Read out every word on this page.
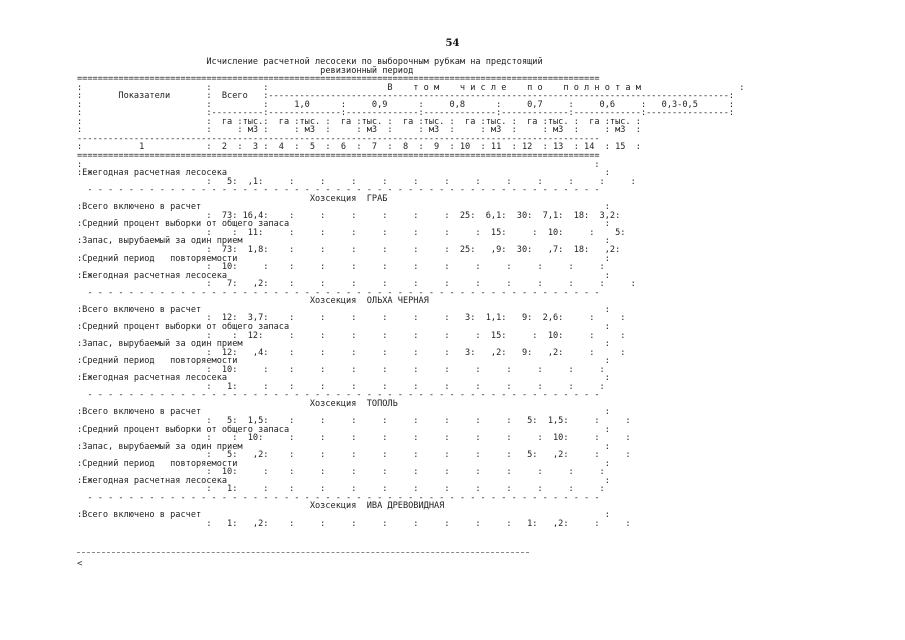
54
Исчисление расчетной лесосеки по выборочным рубкам на предстоящий
ревизионный период
=====================================================================================================
:                        :          :                       В    т о м    ч и с л е    п о    п о л н о т а м                   :
:       Показатели       :  Всего   :-----------------------------------------------------------------------------------------:
:                        :          :     1,0      :     0,9      :     0,8      :     0,7     :     0,6     :   0,3-0,5      :
:                        :----------:--------------:--------------:--------------:-------------:-------------:----------------:
:                        :  га :тыс.:  га :тыс. :  га :тыс. :  га :тыс. :  га :тыс. :  га :тыс. :  га :тыс. :
:                        :     : м3 :     : м3  :     : м3  :     : м3  :     : м3  :     : м3  :     : м3  :
-----------------------------------------------------------------------------------------------------
:           1            :  2  :  3 :  4  :  5  :  6  :  7  :  8  :  9  : 10  : 11  : 12  : 13  : 14  : 15  :
=====================================================================================================
:                                                                                                   :
:Ежегодная расчетная лесосека                                                                         :
:   5:  ,1:     :     :     :     :     :     :     :     :     :     :     :     :
- - - - - - - - - - - - - - - - - - - - - - - - - - - - - - - - - - - - - - - - - - - - - - - - - -
Хозсекция  ГРАБ
:Всего включено в расчет                                                                              :
:  73: 16,4:    :     :     :     :     :     :  25:  6,1:  30:  7,1:  18:  3,2:
:Средний процент выборки от общего запаса                                                             :
:    :  11:     :     :     :     :     :     :     :  15:     :  10:     :    5:
:Запас, вырубаемый за один прием                                                                      :
:  73:  1,8:    :     :     :     :     :     :  25:   ,9:  30:   ,7:  18:   ,2:
:Средний период   повторяемости                                                                       :
:  10:     :    :     :     :     :     :     :     :     :     :     :     :
:Ежегодная расчетная лесосека                                                                         :
:   7:   ,2:    :     :     :     :     :     :     :     :     :     :     :     :
- - - - - - - - - - - - - - - - - - - - - - - - - - - - - - - - - - - - - - - - - - - - - - - - - -
Хозсекция  ОЛЬХА ЧЕРНАЯ
:Всего включено в расчет                                                                              :
:  12:  3,7:    :     :     :     :     :     :   3:  1,1:   9:  2,6:     :     :
:Средний процент выборки от общего запаса                                                             :
:    :  12:     :     :     :     :     :     :     :  15:     :  10:     :     :
:Запас, вырубаемый за один прием                                                                      :
:  12:   ,4:    :     :     :     :     :     :   3:   ,2:   9:   ,2:     :     :
:Средний период   повторяемости                                                                       :
:  10:     :    :     :     :     :     :     :     :     :     :     :     :
:Ежегодная расчетная лесосека                                                                         :
:   1:     :    :     :     :     :     :     :     :     :     :     :     :
- - - - - - - - - - - - - - - - - - - - - - - - - - - - - - - - - - - - - - - - - - - - - - - - - -
Хозсекция  ТОПОЛЬ
:Всего включено в расчет                                                                              :
:   5:  1,5:    :     :     :     :     :     :     :     :   5:  1,5:     :     :
:Средний процент выборки от общего запаса                                                             :
:    :  10:     :     :     :     :     :     :     :     :     :  10:     :     :
:Запас, вырубаемый за один прием                                                                      :
:   5:   ,2:    :     :     :     :     :     :     :     :   5:   ,2:     :     :
:Средний период   повторяемости                                                                       :
:  10:     :    :     :     :     :     :     :     :     :     :     :     :
:Ежегодная расчетная лесосека                                                                         :
:   1:     :    :     :     :     :     :     :     :     :     :     :     :
- - - - - - - - - - - - - - - - - - - - - - - - - - - - - - - - - - - - - - - - - - - - - - - - - -
Хозсекция  ИВА ДРЕВОВИДНАЯ
:Всего включено в расчет                                                                              :
:   1:   ,2:    :     :     :     :     :     :     :     :   1:   ,2:     :     :
<
